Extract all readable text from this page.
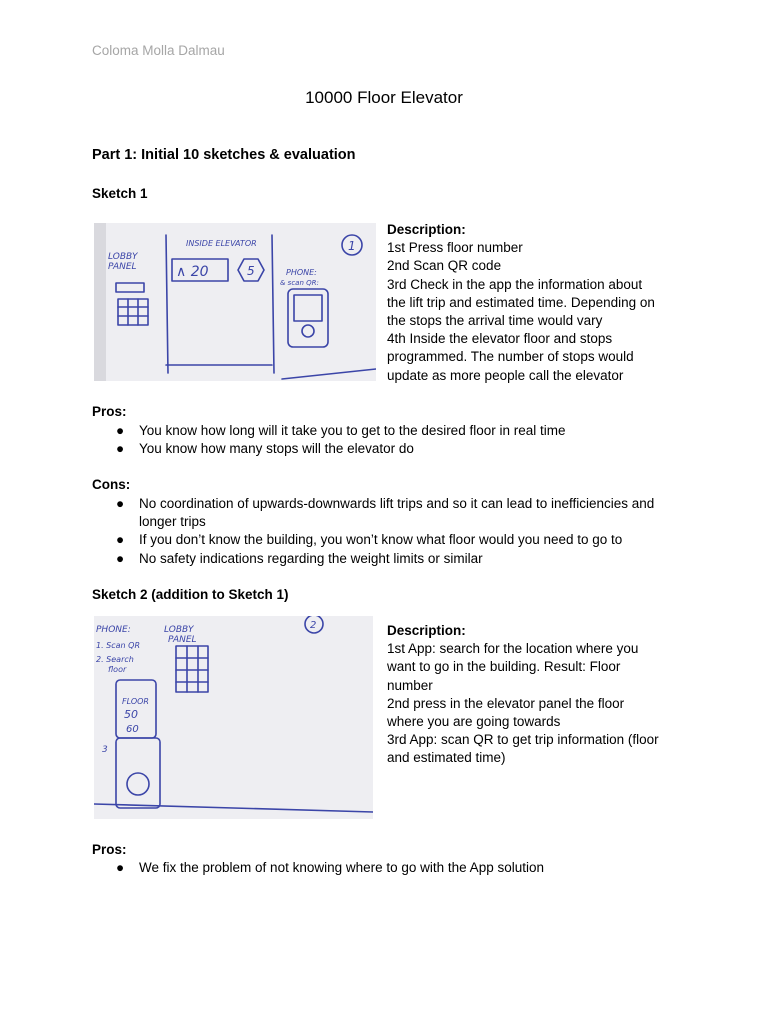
Coloma Molla Dalmau
10000 Floor Elevator
Part 1: Initial 10 sketches & evaluation
Sketch 1
LOBBY
PANEL
INSIDE ELEVATOR
∧ 20	5
1
PHONE:
& scan QR:
Description:
1st Press floor number
2nd Scan QR code
3rd Check in the app the information about
the lift trip and estimated time. Depending on
the stops the arrival time would vary
4th Inside the elevator floor and stops
programmed. The number of stops would
update as more people call the elevator
Pros:
● You know how long will it take you to get to the desired floor in real time
● You know how many stops will the elevator do
Cons:
● No coordination of upwards-downwards lift trips and so it can lead to inefficiencies and longer trips
● If you don’t know the building, you won’t know what floor would you need to go to
● No safety indications regarding the weight limits or similar
Sketch 2 (addition to Sketch 1)
PHONE:
1. Scan QR
2. Search
floor
FLOOR
50
60
3
LOBBY
PANEL
2	Description:
1st App: search for the location where you
want to go in the building. Result: Floor
number
2nd press in the elevator panel the floor
where you are going towards
3rd App: scan QR to get trip information (floor
and estimated time)
Pros:
● We fix the problem of not knowing where to go with the App solution
